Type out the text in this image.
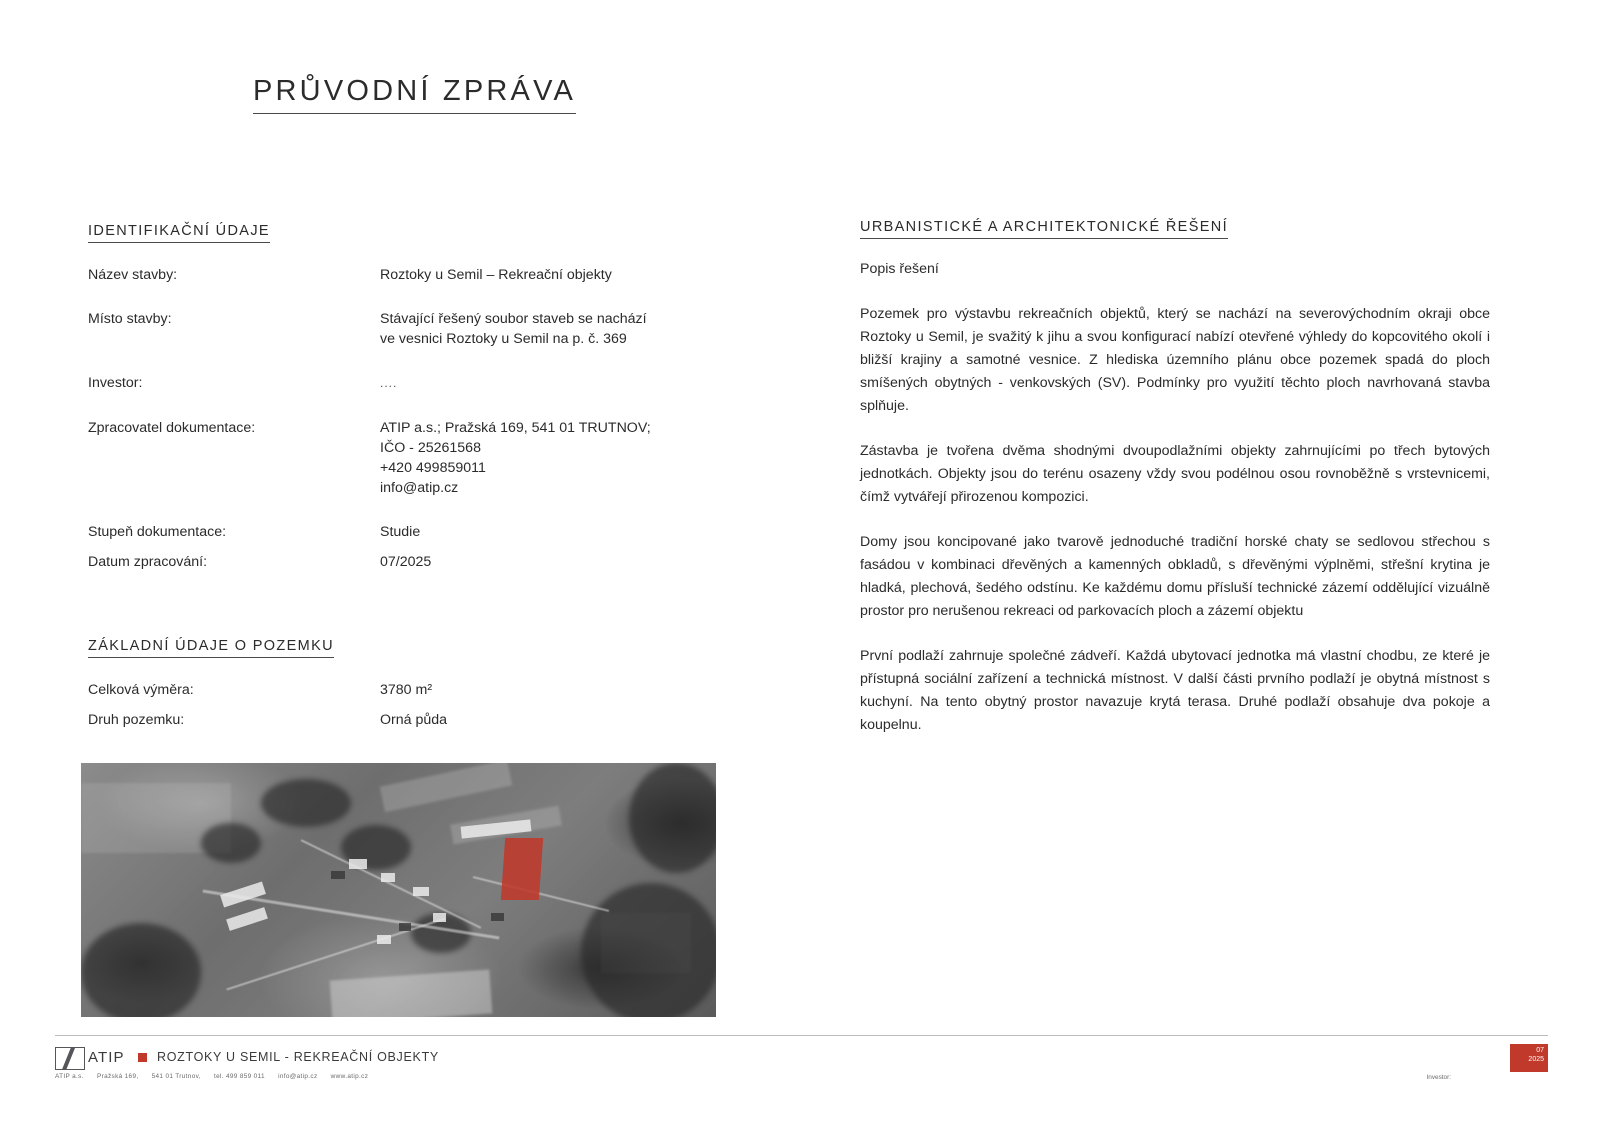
PRŮVODNÍ ZPRÁVA
IDENTIFIKAČNÍ ÚDAJE
Název stavby:	Roztoky u Semil – Rekreační objekty
Místo stavby:	Stávající řešený soubor staveb se nachází
ve vesnici Roztoky u Semil na p. č. 369

Investor:	....
Zpracovatel dokumentace:	ATIP a.s.; Pražská 169, 541 01 TRUTNOV;
IČO - 25261568
+420 499859011
info@atip.cz

Stupeň dokumentace:	Studie
Datum zpracování:	07/2025
ZÁKLADNÍ ÚDAJE O POZEMKU
Celková výměra:	3780 m²
Druh pozemku:	Orná půda
URBANISTICKÉ A ARCHITEKTONICKÉ ŘEŠENÍ
Popis řešení

Pozemek pro výstavbu rekreačních objektů, který se nachází na severovýchodním okraji obce Roztoky u Semil, je svažitý k jihu a svou konfigurací nabízí otevřené výhledy do kopcovitého okolí i bližší krajiny a samotné vesnice. Z hlediska územního plánu obce pozemek spadá do ploch smíšených obytných - venkovských (SV). Podmínky pro využití těchto ploch navrhovaná stavba splňuje.

Zástavba je tvořena dvěma shodnými dvoupodlažními objekty zahrnujícími po třech bytových jednotkách. Objekty jsou do terénu osazeny vždy svou podélnou osou rovnoběžně s vrstevnicemi, čímž vytvářejí přirozenou kompozici.

Domy jsou koncipované jako tvarově jednoduché tradiční horské chaty se sedlovou střechou s fasádou v kombinaci dřevěných a kamenných obkladů, s dřevěnými výplněmi, střešní krytina je hladká, plechová, šedého odstínu. Ke každému domu přísluší technické zázemí oddělující vizuálně prostor pro nerušenou rekreaci od parkovacích ploch a zázemí objektu

První podlaží zahrnuje společné zádveří. Každá ubytovací jednotka má vlastní chodbu, ze které je přístupná sociální zařízení a technická místnost. V další části prvního podlaží je obytná místnost s kuchyní. Na tento obytný prostor navazuje krytá terasa. Druhé podlaží obsahuje dva pokoje a koupelnu.

ATIP	ROZTOKY U SEMIL - REKREAČNÍ OBJEKTY
ATIP a.s. Pražská 169, 541 01 Trutnov, tel. 499 859 011 info@atip.cz www.atip.cz	Investor:
07
2025
